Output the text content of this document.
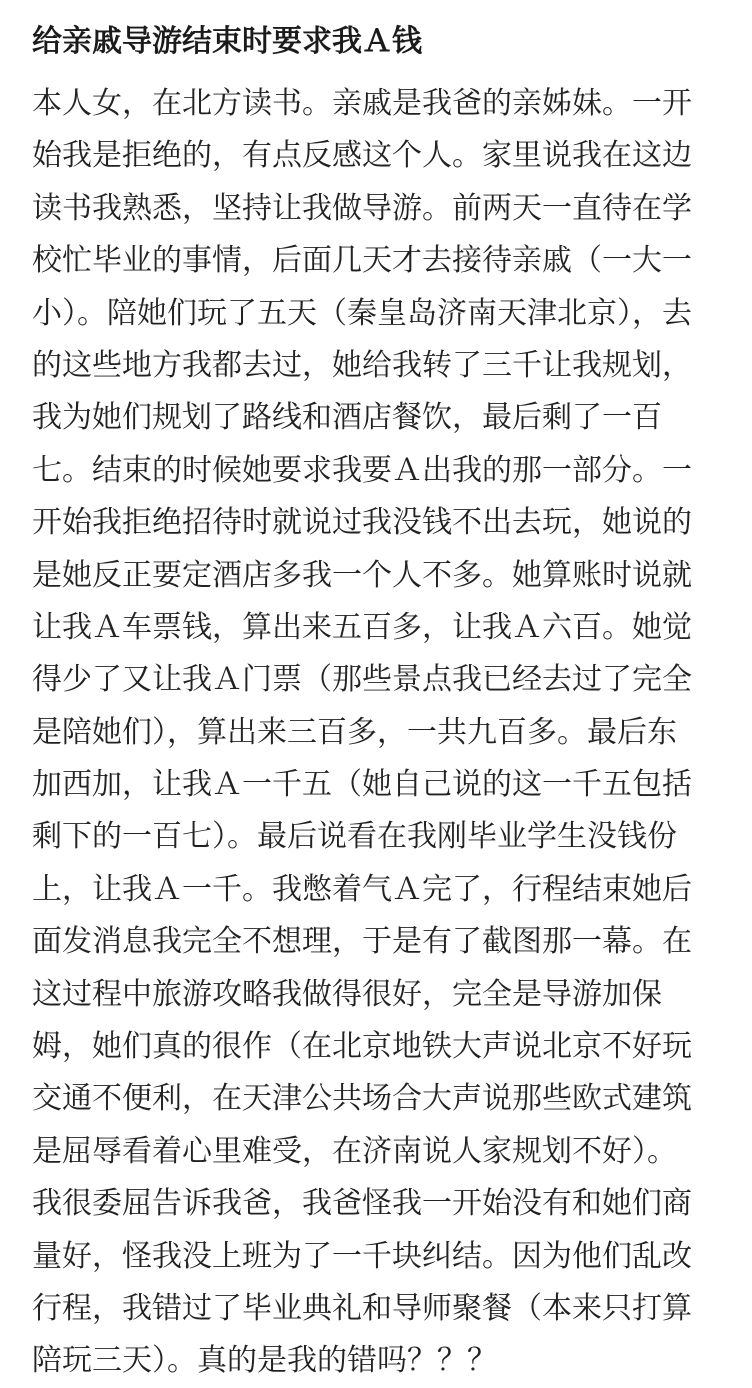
给亲戚导游结束时要求我Ａ钱
本人女，在北方读书。亲戚是我爸的亲姊妹。一开
始我是拒绝的，有点反感这个人。家里说我在这边
读书我熟悉，坚持让我做导游。前两天一直待在学
校忙毕业的事情，后面几天才去接待亲戚（一大一
小）。陪她们玩了五天（秦皇岛济南天津北京），去
的这些地方我都去过，她给我转了三千让我规划，
我为她们规划了路线和酒店餐饮，最后剩了一百
七。结束的时候她要求我要Ａ出我的那一部分。一
开始我拒绝招待时就说过我没钱不出去玩，她说的
是她反正要定酒店多我一个人不多。她算账时说就
让我Ａ车票钱，算出来五百多，让我Ａ六百。她觉
得少了又让我Ａ门票（那些景点我已经去过了完全
是陪她们），算出来三百多，一共九百多。最后东
加西加，让我Ａ一千五（她自己说的这一千五包括
剩下的一百七）。最后说看在我刚毕业学生没钱份
上，让我Ａ一千。我憋着气Ａ完了，行程结束她后
面发消息我完全不想理，于是有了截图那一幕。在
这过程中旅游攻略我做得很好，完全是导游加保
姆，她们真的很作（在北京地铁大声说北京不好玩
交通不便利，在天津公共场合大声说那些欧式建筑
是屈辱看着心里难受，在济南说人家规划不好）。
我很委屈告诉我爸，我爸怪我一开始没有和她们商
量好，怪我没上班为了一千块纠结。因为他们乱改
行程，我错过了毕业典礼和导师聚餐（本来只打算
陪玩三天）。真的是我的错吗？？？
